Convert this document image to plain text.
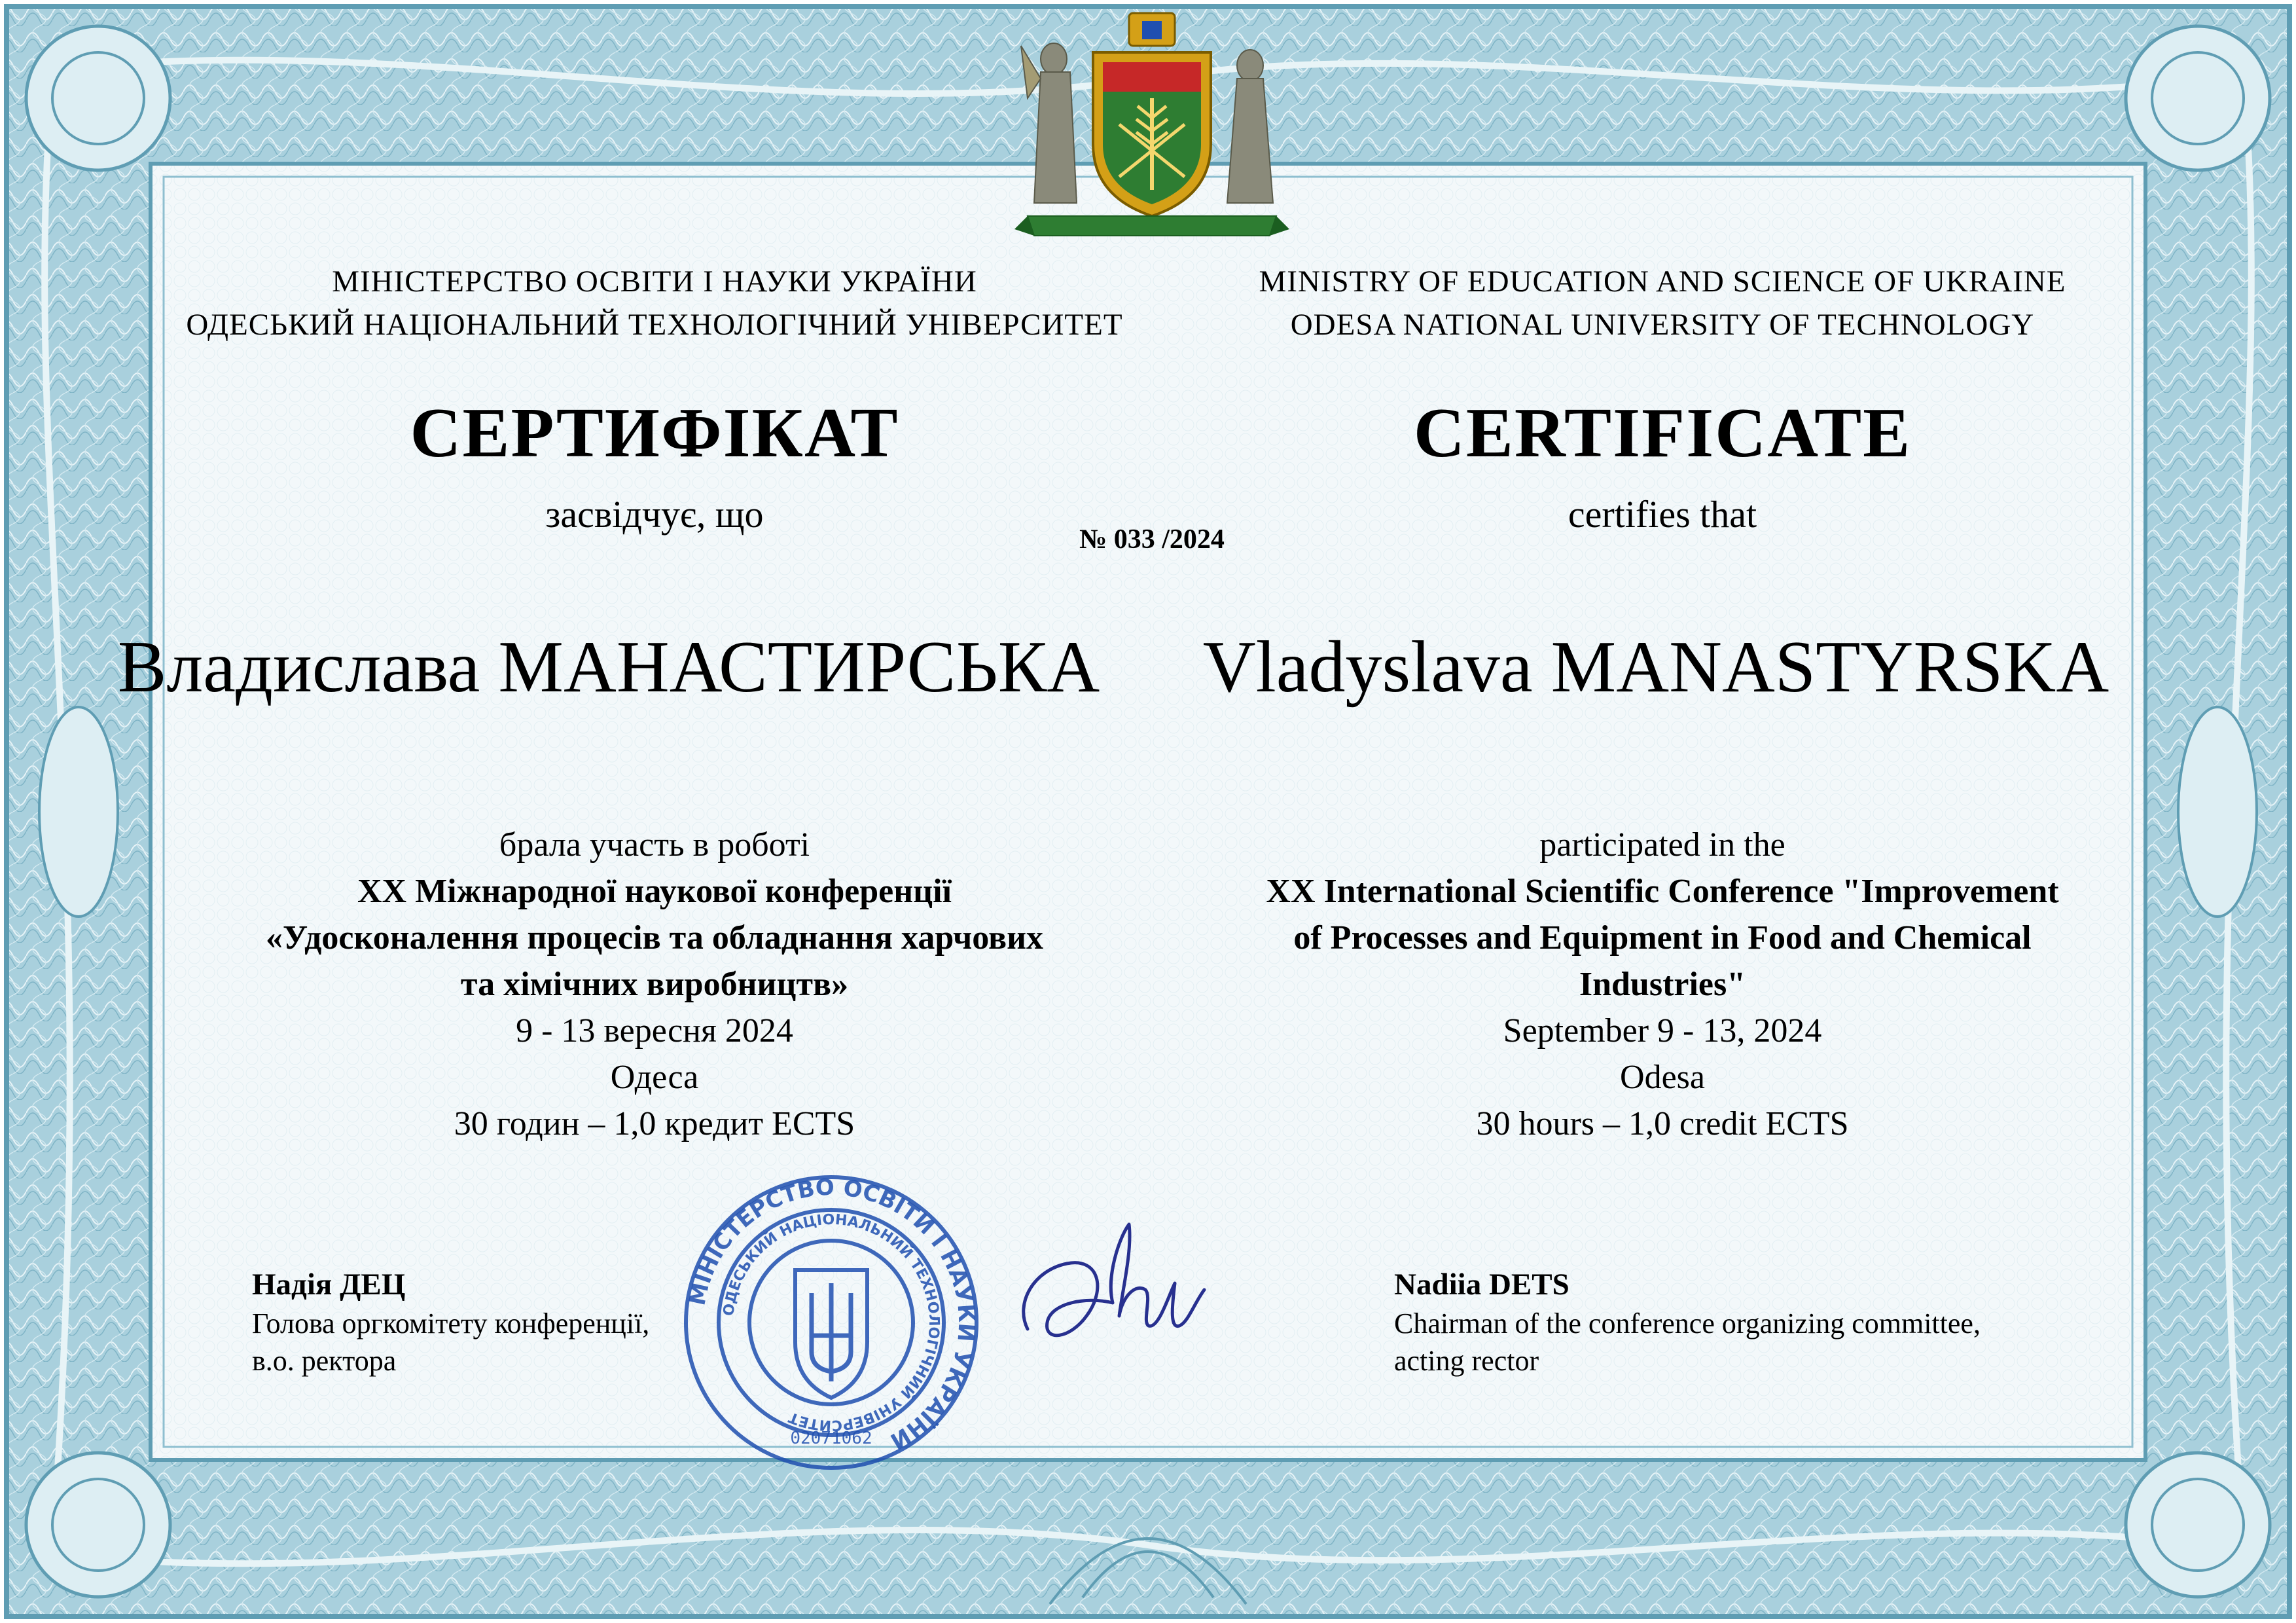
МІНІСТЕРСТВО ОСВІТИ І НАУКИ УКРАЇНИ
ОДЕСЬКИЙ НАЦІОНАЛЬНИЙ ТЕХНОЛОГІЧНИЙ УНІВЕРСИТЕТ
MINISTRY OF EDUCATION AND SCIENCE OF UKRAINE
ODESA NATIONAL UNIVERSITY OF TECHNOLOGY
СЕРТИФІКАТ	CERTIFICATE
засвідчує, що	certifies that
№ 033 /2024
Владислава МАНАСТИРСЬКА	Vladyslava MANASTYRSKA
брала участь в роботі
XX Міжнародної наукової конференції
«Удосконалення процесів та обладнання харчових
та хімічних виробництв»
9 - 13 вересня 2024
Одеса
30 годин – 1,0 кредит ECTS
participated in the
XX International Scientific Conference "Improvement
of Processes and Equipment in Food and Chemical
Industries"
September 9 - 13, 2024
Odesa
30 hours – 1,0 credit ECTS
МІНІСТЕРСТВО ОСВІТИ І НАУКИ УКРАЇНИ
ОДЕСЬКИЙ НАЦІОНАЛЬНИЙ ТЕХНОЛОГІЧНИЙ УНІВЕРСИТЕТ
02071062
Надія ДЕЦ
Голова оргкомітету конференції,
в.о. ректора
Nadiia DETS
Chairman of the conference organizing committee,
acting rector
